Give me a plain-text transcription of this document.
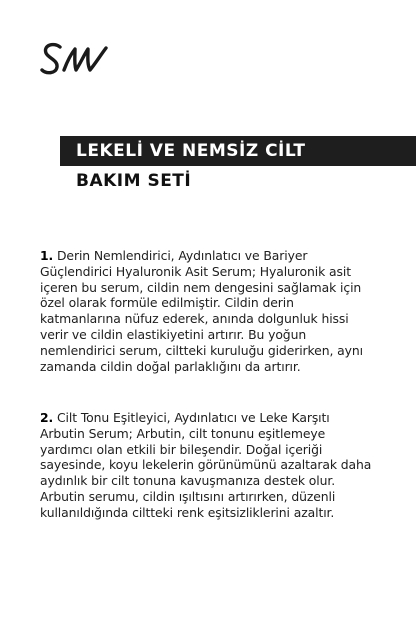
LEKELİ VE NEMSİZ CİLT
BAKIM SETİ

1. Derin Nemlendirici, Aydınlatıcı ve Bariyer Güçlendirici Hyaluronik Asit Serum; Hyaluronik asit içeren bu serum, cildin nem dengesini sağlamak için özel olarak formüle edilmiştir. Cildin derin katmanlarına nüfuz ederek, anında dolgunluk hissi verir ve cildin elastikiyetini artırır. Bu yoğun nemlendirici serum, ciltteki kuruluğu giderirken, aynı zamanda cildin doğal parlaklığını da artırır.

2. Cilt Tonu Eşitleyici, Aydınlatıcı ve Leke Karşıtı Arbutin Serum; Arbutin, cilt tonunu eşitlemeye yardımcı olan etkili bir bileşendir. Doğal içeriği sayesinde, koyu lekelerin görünümünü azaltarak daha aydınlık bir cilt tonuna kavuşmanıza destek olur. Arbutin serumu, cildin ışıltısını artırırken, düzenli kullanıldığında ciltteki renk eşitsizliklerini azaltır.
